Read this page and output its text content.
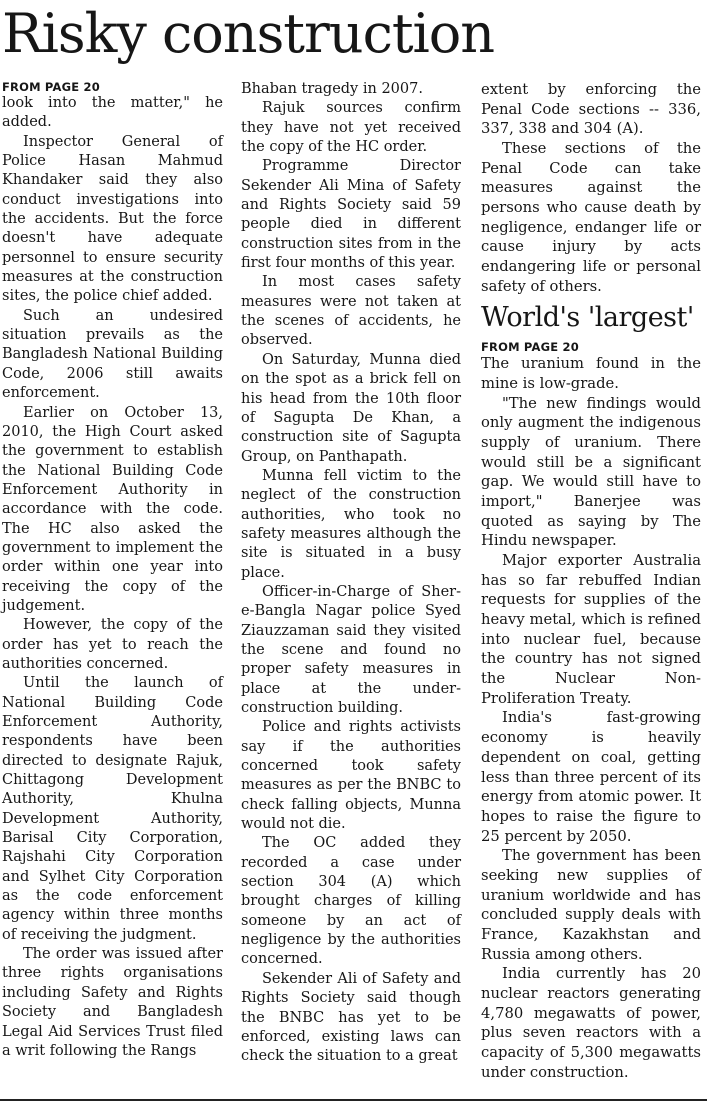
Risky construction
FROM PAGE 20

look into the matter," he added.

Inspector General of Police Hasan Mahmud Khandaker said they also conduct investigations into the accidents. But the force doesn't have adequate personnel to ensure security measures at the construction sites, the police chief added.

Such an undesired situation prevails as the Bangladesh National Building Code, 2006 still awaits enforcement.

Earlier on October 13, 2010, the High Court asked the government to establish the National Building Code Enforcement Authority in accordance with the code. The HC also asked the government to implement the order within one year into receiving the copy of the judgement.

However, the copy of the order has yet to reach the authorities concerned.

Until the launch of National Building Code Enforcement Authority, respondents have been directed to designate Rajuk, Chittagong Development Authority, Khulna Development Authority, Barisal City Corporation, Rajshahi City Corporation and Sylhet City Corporation as the code enforcement agency within three months of receiving the judgment.

The order was issued after three rights organisations including Safety and Rights Society and Bangladesh Legal Aid Services Trust filed a writ following the Rangs

Bhaban tragedy in 2007.

Rajuk sources confirm they have not yet received the copy of the HC order.

Programme Director Sekender Ali Mina of Safety and Rights Society said 59 people died in different construction sites from in the first four months of this year.

In most cases safety measures were not taken at the scenes of accidents, he observed.

On Saturday, Munna died on the spot as a brick fell on his head from the 10th floor of Sagupta De Khan, a construction site of Sagupta Group, on Panthapath.

Munna fell victim to the neglect of the construction authorities, who took no safety measures although the site is situated in a busy place.

Officer-in-Charge of Sher-e-Bangla Nagar police Syed Ziauzzaman said they visited the scene and found no proper safety measures in place at the under-construction building.

Police and rights activists say if the authorities concerned took safety measures as per the BNBC to check falling objects, Munna would not die.

The OC added they recorded a case under section 304 (A) which brought charges of killing someone by an act of negligence by the authorities concerned.

Sekender Ali of Safety and Rights Society said though the BNBC has yet to be enforced, existing laws can check the situation to a great

extent by enforcing the Penal Code sections -- 336, 337, 338 and 304 (A).

These sections of the Penal Code can take measures against the persons who cause death by negligence, endanger life or cause injury by acts endangering life or personal safety of others.

World's 'largest'
FROM PAGE 20

The uranium found in the mine is low-grade.

"The new findings would only augment the indigenous supply of uranium. There would still be a significant gap. We would still have to import," Banerjee was quoted as saying by The Hindu newspaper.

Major exporter Australia has so far rebuffed Indian requests for supplies of the heavy metal, which is refined into nuclear fuel, because the country has not signed the Nuclear Non-Proliferation Treaty.

India's fast-growing economy is heavily dependent on coal, getting less than three percent of its energy from atomic power. It hopes to raise the figure to 25 percent by 2050.

The government has been seeking new supplies of uranium worldwide and has concluded supply deals with France, Kazakhstan and Russia among others.

India currently has 20 nuclear reactors generating 4,780 megawatts of power, plus seven reactors with a capacity of 5,300 megawatts under construction.
